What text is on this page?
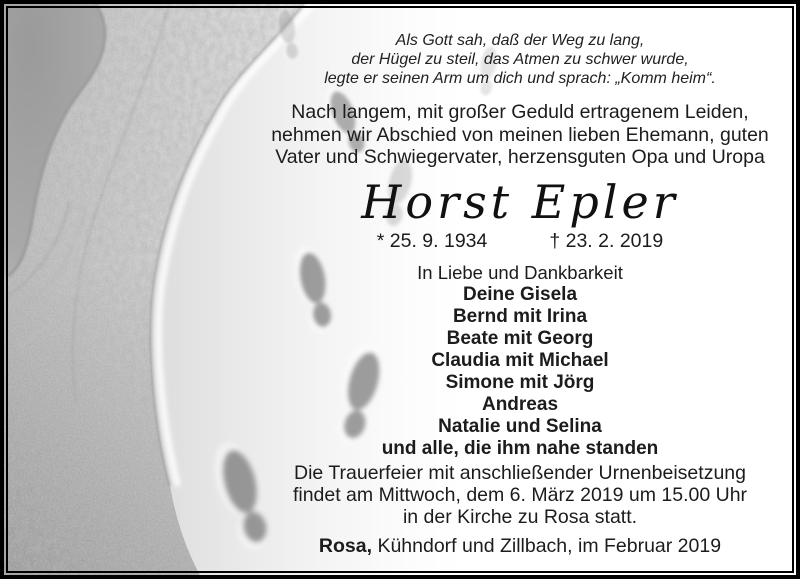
Als Gott sah, daß der Weg zu lang,
der Hügel zu steil, das Atmen zu schwer wurde,
legte er seinen Arm um dich und sprach: „Komm heim“.
Nach langem, mit großer Geduld ertragenem Leiden,
nehmen wir Abschied von meinen lieben Ehemann, guten
Vater und Schwiegervater, herzensguten Opa und Uropa
Horst Epler
* 25. 9. 1934	† 23. 2. 2019
In Liebe und Dankbarkeit
Deine Gisela
Bernd mit Irina
Beate mit Georg
Claudia mit Michael
Simone mit Jörg
Andreas
Natalie und Selina
und alle, die ihm nahe standen
Die Trauerfeier mit anschließender Urnenbeisetzung
findet am Mittwoch, dem 6. März 2019 um 15.00 Uhr
in der Kirche zu Rosa statt.
Rosa, Kühndorf und Zillbach, im Februar 2019
